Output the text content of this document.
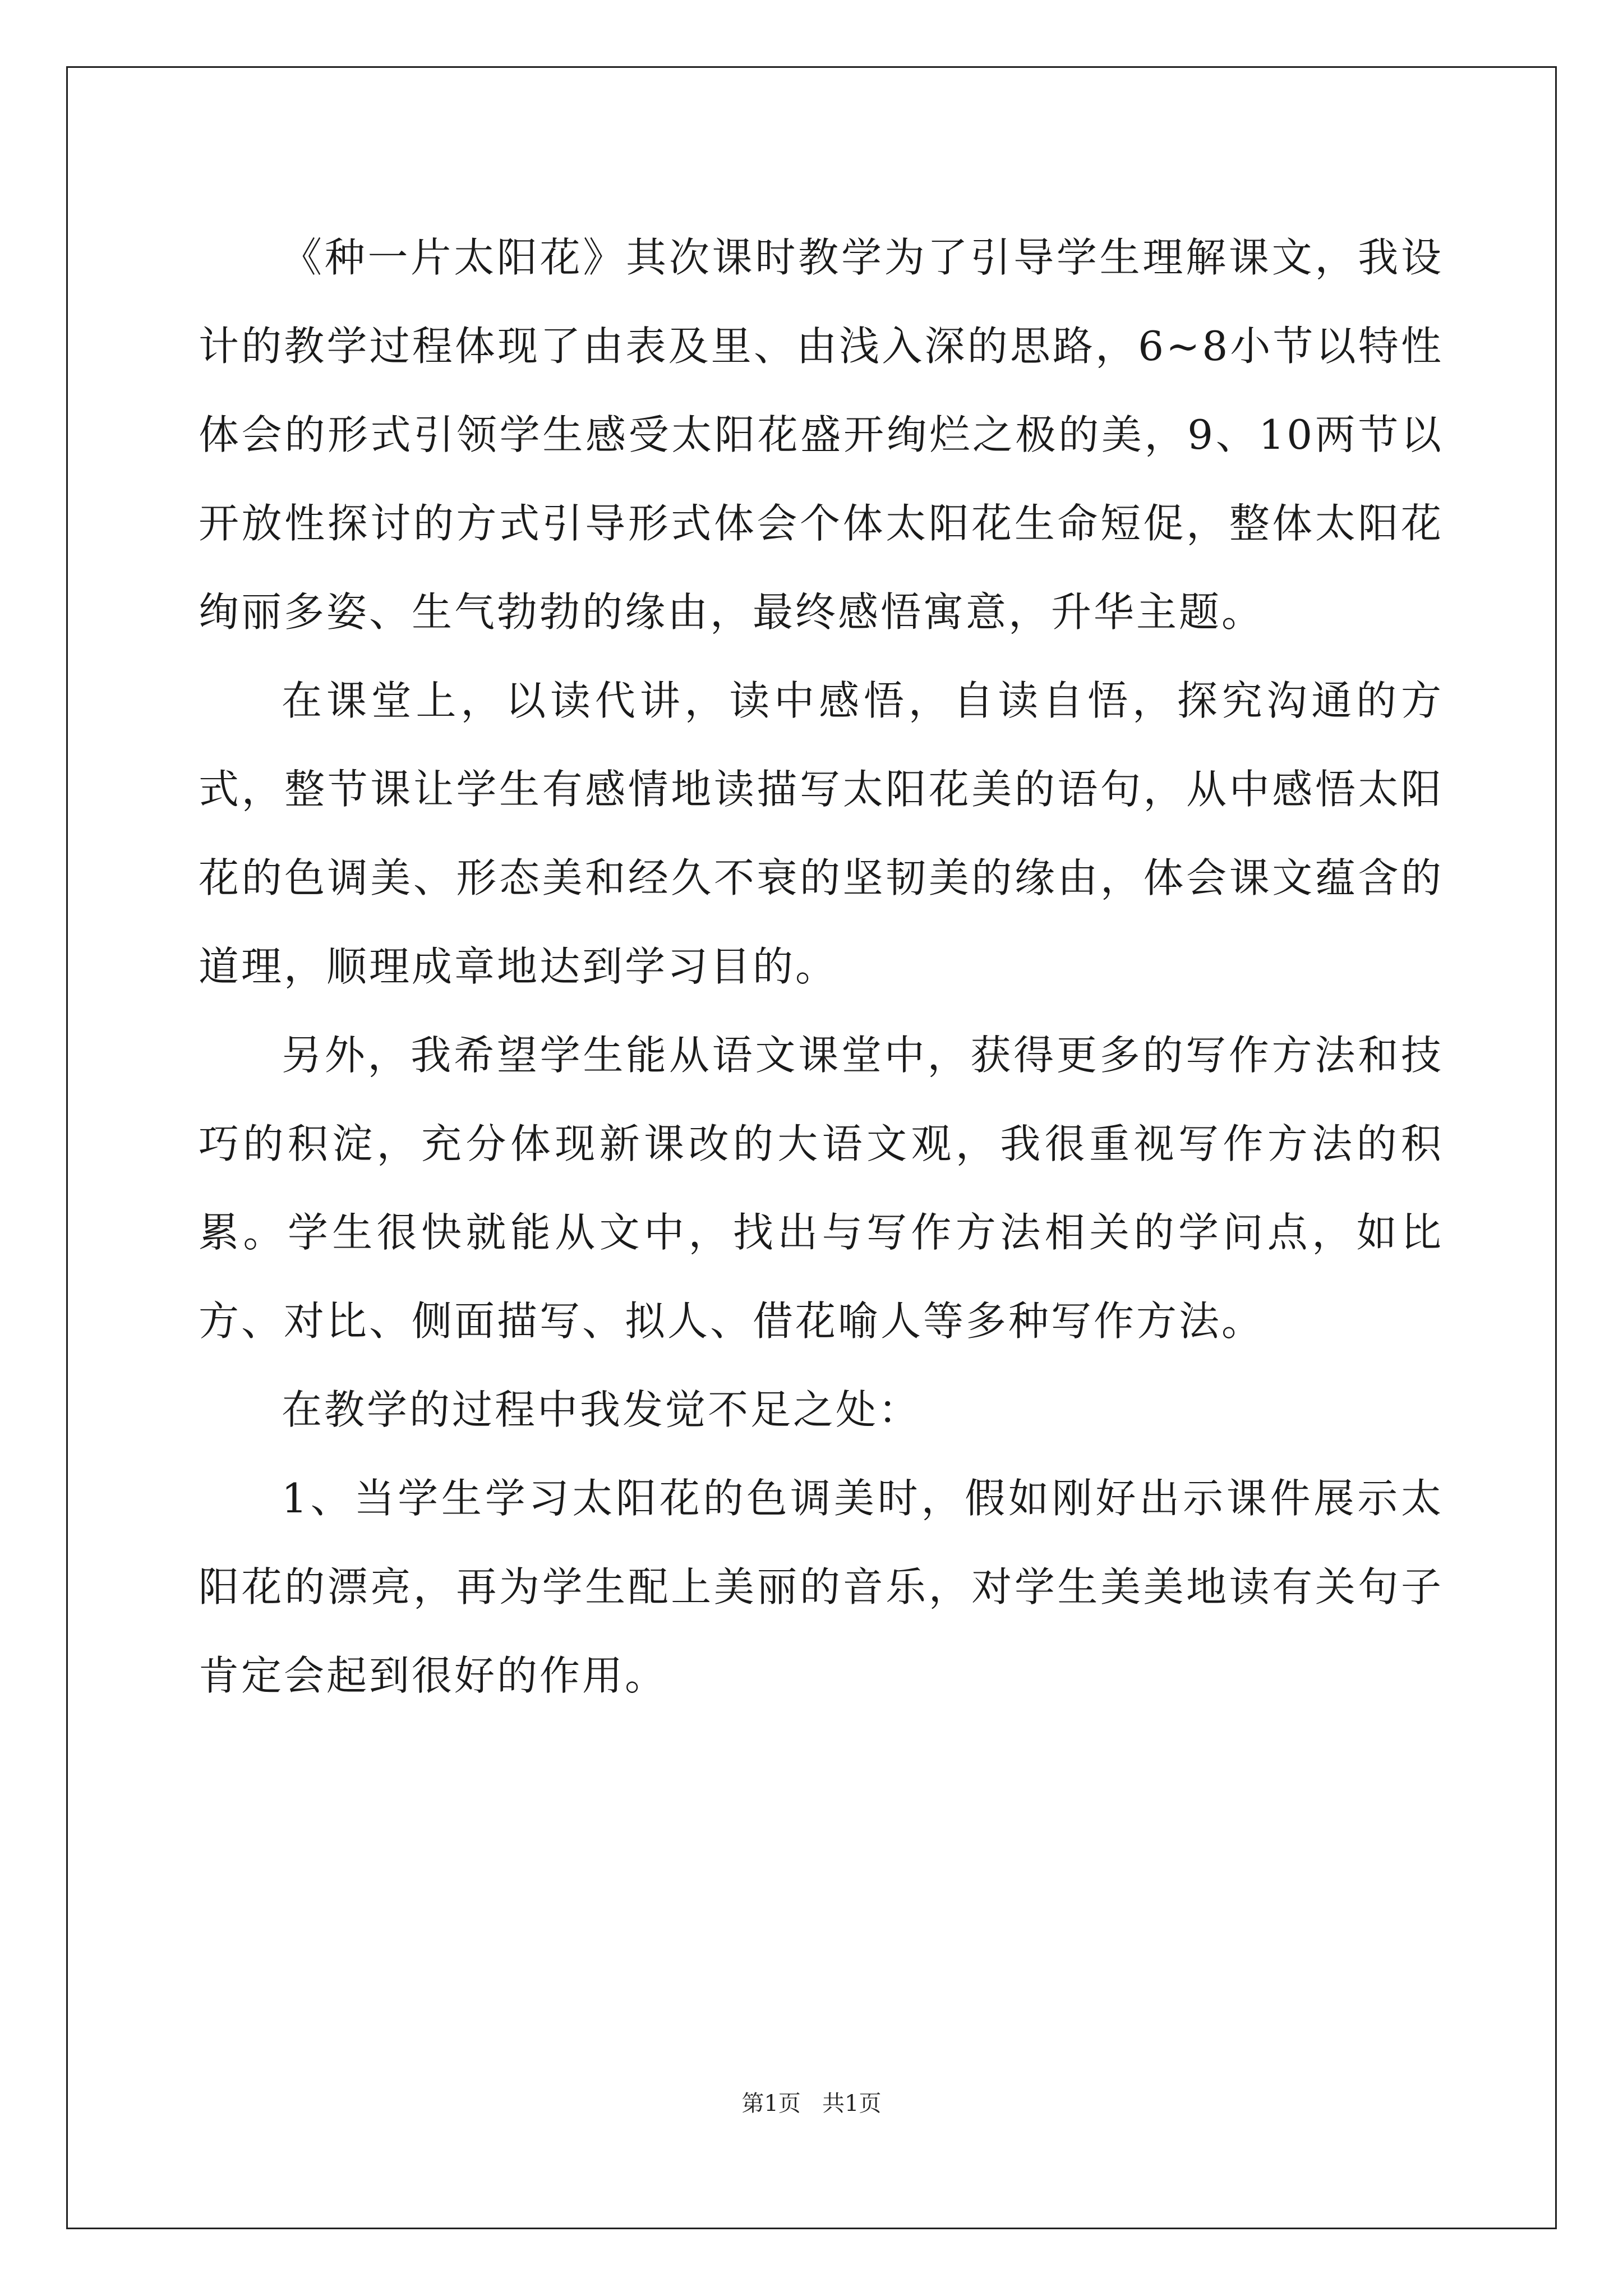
《种一片太阳花》其次课时教学为了引导学生理解课文，我设计的教学过程体现了由表及里、由浅入深的思路，6~8小节以特性体会的形式引领学生感受太阳花盛开绚烂之极的美，9、10两节以开放性探讨的方式引导形式体会个体太阳花生命短促，整体太阳花绚丽多姿、生气勃勃的缘由，最终感悟寓意，升华主题。

在课堂上，以读代讲，读中感悟，自读自悟，探究沟通的方式，整节课让学生有感情地读描写太阳花美的语句，从中感悟太阳花的色调美、形态美和经久不衰的坚韧美的缘由，体会课文蕴含的道理，顺理成章地达到学习目的。

另外，我希望学生能从语文课堂中，获得更多的写作方法和技巧的积淀，充分体现新课改的大语文观，我很重视写作方法的积累。学生很快就能从文中，找出与写作方法相关的学问点，如比方、对比、侧面描写、拟人、借花喻人等多种写作方法。

在教学的过程中我发觉不足之处：

1、当学生学习太阳花的色调美时，假如刚好出示课件展示太阳花的漂亮，再为学生配上美丽的音乐，对学生美美地读有关句子肯定会起到很好的作用。

第1页   共1页
